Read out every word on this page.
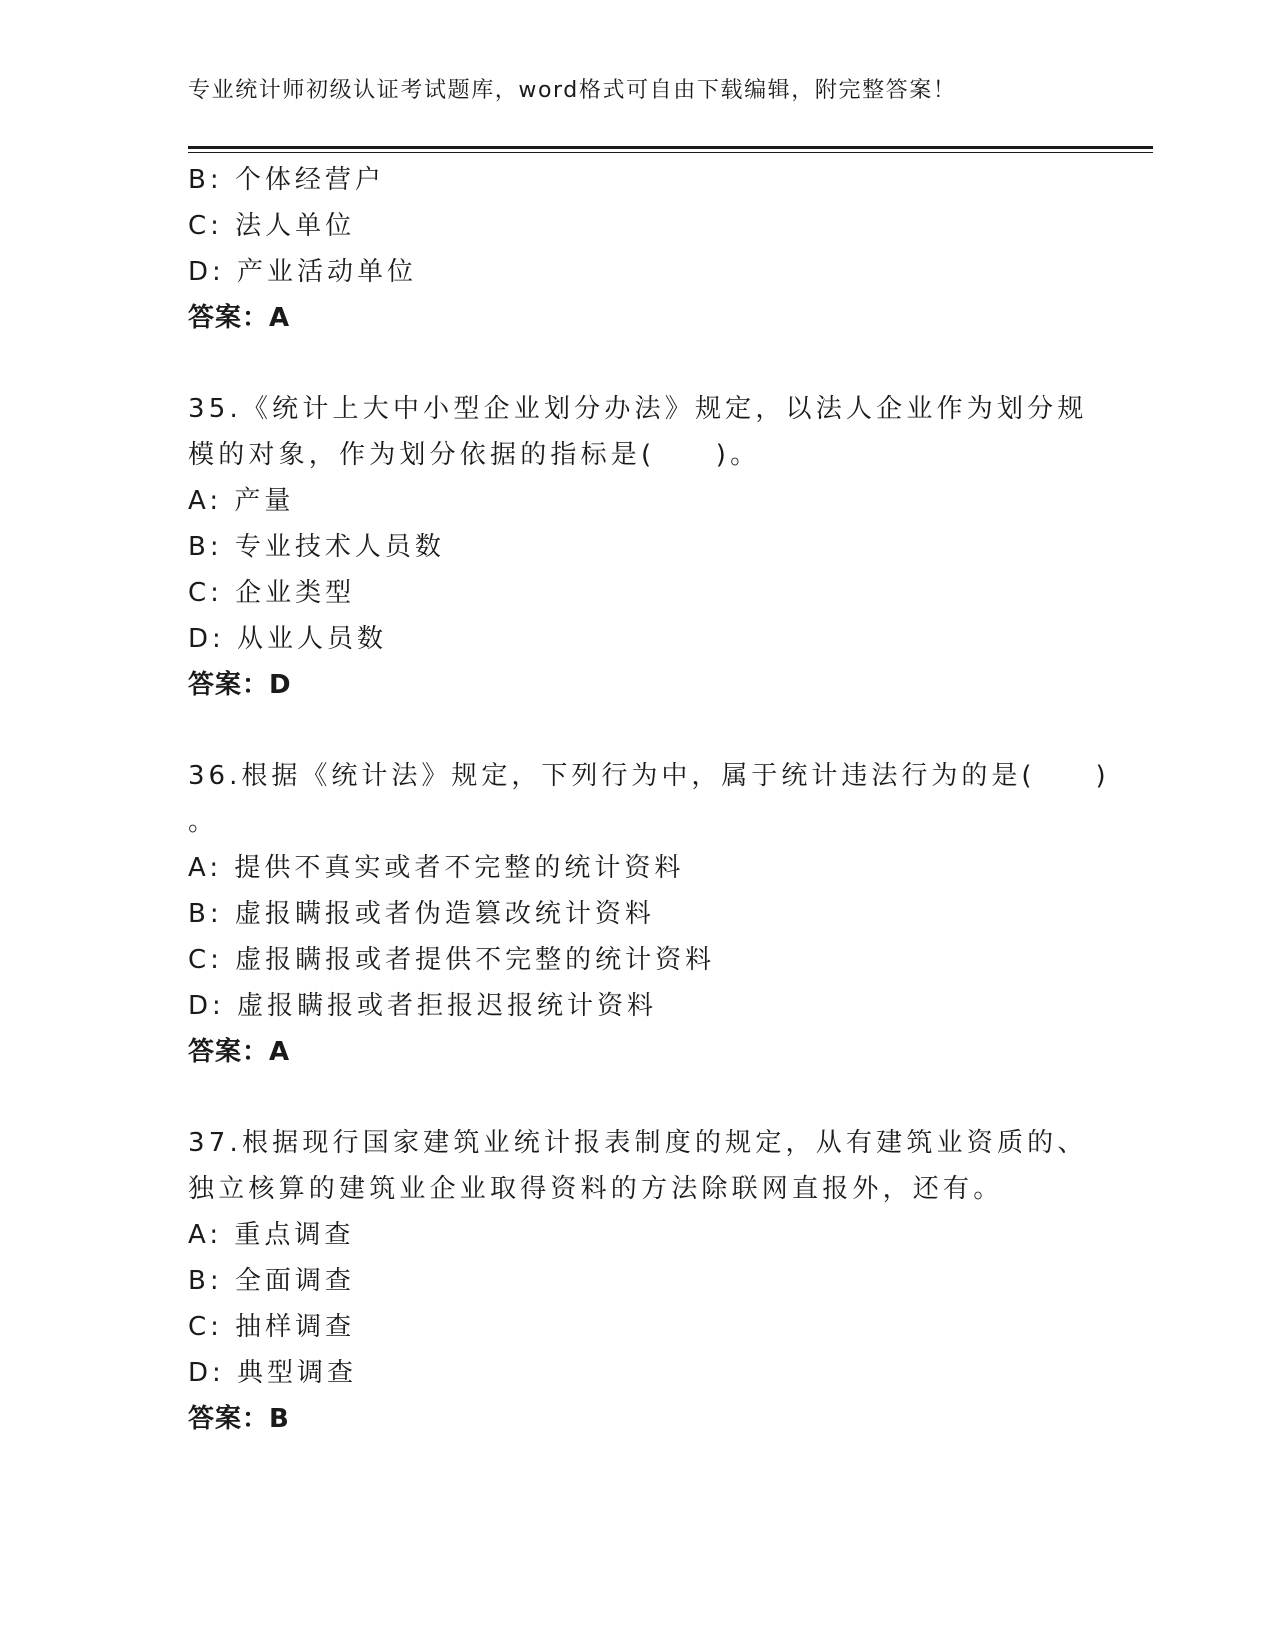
专业统计师初级认证考试题库，word格式可自由下载编辑，附完整答案！
B: 个体经营户
C: 法人单位
D: 产业活动单位
答案：A
35.《统计上大中小型企业划分办法》规定，以法人企业作为划分规模的对象，作为划分依据的指标是(　　)。
A: 产量
B: 专业技术人员数
C: 企业类型
D: 从业人员数
答案：D
36.根据《统计法》规定，下列行为中，属于统计违法行为的是(　　)
。
A: 提供不真实或者不完整的统计资料
B: 虚报瞒报或者伪造篡改统计资料
C: 虚报瞒报或者提供不完整的统计资料
D: 虚报瞒报或者拒报迟报统计资料
答案：A
37.根据现行国家建筑业统计报表制度的规定，从有建筑业资质的、独立核算的建筑业企业取得资料的方法除联网直报外，还有。
A: 重点调查
B: 全面调查
C: 抽样调查
D: 典型调查
答案：B
